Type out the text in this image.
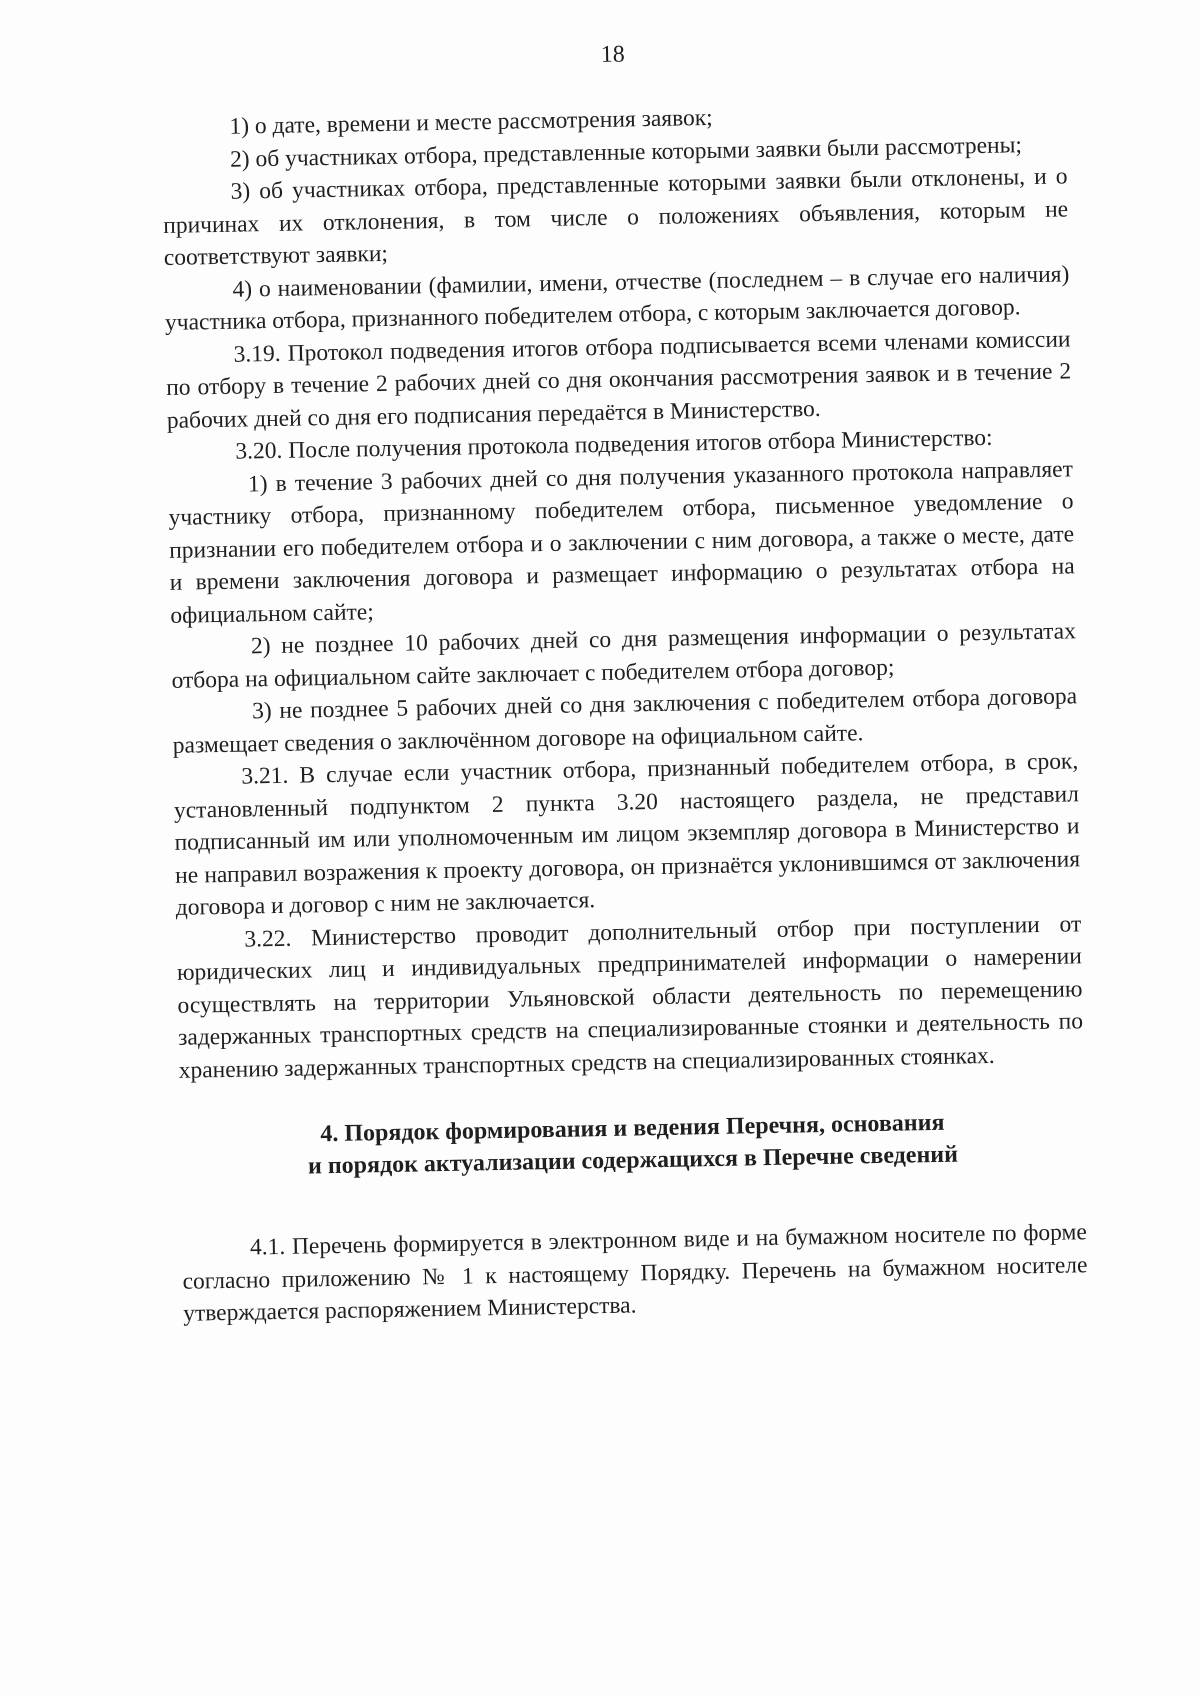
18

1) о дате, времени и месте рассмотрения заявок;

2) об участниках отбора, представленные которыми заявки были рассмотрены;

3) об участниках отбора, представленные которыми заявки были отклонены, и о причинах их отклонения, в том числе о положениях объявления, которым не соответствуют заявки;

4) о наименовании (фамилии, имени, отчестве (последнем – в случае его наличия) участника отбора, признанного победителем отбора, с которым заключается договор.

3.19. Протокол подведения итогов отбора подписывается всеми членами комиссии по отбору в течение 2 рабочих дней со дня окончания рассмотрения заявок и в течение 2 рабочих дней со дня его подписания передаётся в Министерство.

3.20. После получения протокола подведения итогов отбора Министерство:

1) в течение 3 рабочих дней со дня получения указанного протокола направляет участнику отбора, признанному победителем отбора, письменное уведомление о признании его победителем отбора и о заключении с ним договора, а также о месте, дате и времени заключения договора и размещает информацию о результатах отбора на официальном сайте;

2) не позднее 10 рабочих дней со дня размещения информации о результатах отбора на официальном сайте заключает с победителем отбора договор;

3) не позднее 5 рабочих дней со дня заключения с победителем отбора договора размещает сведения о заключённом договоре на официальном сайте.

3.21. В случае если участник отбора, признанный победителем отбора, в срок, установленный подпунктом 2 пункта 3.20 настоящего раздела, не представил подписанный им или уполномоченным им лицом экземпляр договора в Министерство и не направил возражения к проекту договора, он признаётся уклонившимся от заключения договора и договор с ним не заключается.

3.22. Министерство проводит дополнительный отбор при поступлении от юридических лиц и индивидуальных предпринимателей информации о намерении осуществлять на территории Ульяновской области деятельность по перемещению задержанных транспортных средств на специализированные стоянки и деятельность по хранению задержанных транспортных средств на специализированных стоянках.

4. Порядок формирования и ведения Перечня, основания
и порядок актуализации содержащихся в Перечне сведений

4.1. Перечень формируется в электронном виде и на бумажном носителе по форме согласно приложению № 1 к настоящему Порядку. Перечень на бумажном носителе утверждается распоряжением Министерства.
